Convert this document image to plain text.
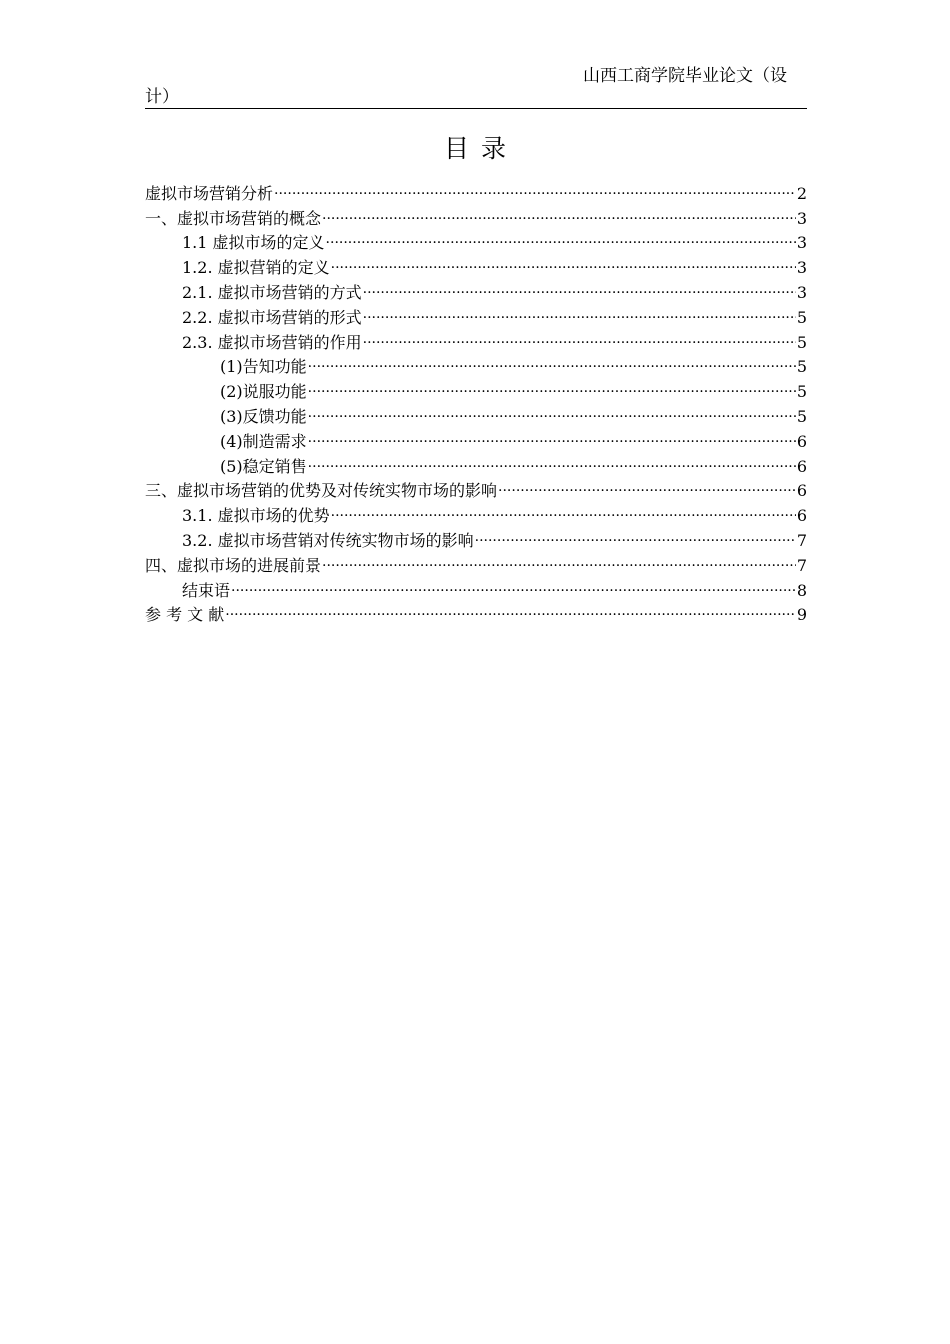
山西工商学院毕业论文（设
计）
目录
虚拟市场营销分析 .....	2
一、虚拟市场营销的概念 .....	3
1.1 虚拟市场的定义 .....	3
1.2. 虚拟营销的定义 .....	3
2.1. 虚拟市场营销的方式 .....	3
2.2. 虚拟市场营销的形式 .....	5
2.3. 虚拟市场营销的作用 .....	5
(1)告知功能 .....	5
(2)说服功能 .....	5
(3)反馈功能 .....	5
(4)制造需求 .....	6
(5)稳定销售 .....	6
三、虚拟市场营销的优势及对传统实物市场的影响 .....	6
3.1. 虚拟市场的优势 .....	6
3.2. 虚拟市场营销对传统实物市场的影响 .....	7
四、虚拟市场的进展前景 .....	7
结束语 .....	8
参 考 文 献 .....	9
